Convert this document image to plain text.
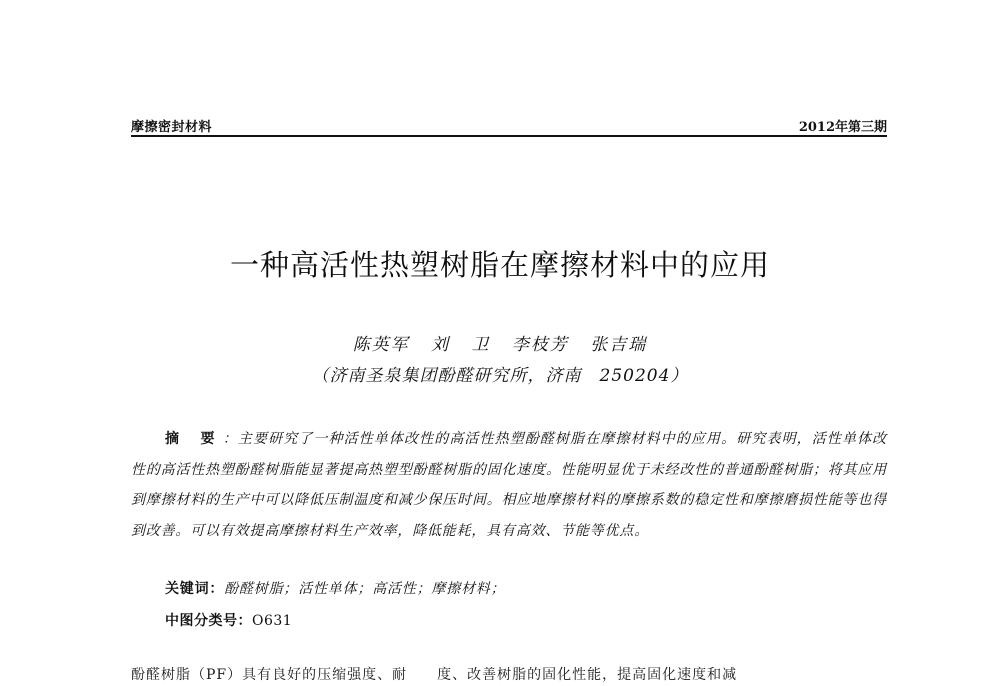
摩擦密封材料	2012年第三期
一种高活性热塑树脂在摩擦材料中的应用
陈英军 刘 卫 李枝芳 张吉瑞
（济南圣泉集团酚醛研究所，济南　250204）
摘 要：主要研究了一种活性单体改性的高活性热塑酚醛树脂在摩擦材料中的应用。研究表明，活性单体改性的高活性热塑酚醛树脂能显著提高热塑型酚醛树脂的固化速度。性能明显优于未经改性的普通酚醛树脂；将其应用到摩擦材料的生产中可以降低压制温度和减少保压时间。相应地摩擦材料的摩擦系数的稳定性和摩擦磨损性能等也得到改善。可以有效提高摩擦材料生产效率，降低能耗，具有高效、节能等优点。
关键词：酚醛树脂；活性单体；高活性；摩擦材料；
中图分类号：O631
酚醛树脂（PF）具有良好的压缩强度、耐　　度、改善树脂的固化性能，提高固化速度和减
